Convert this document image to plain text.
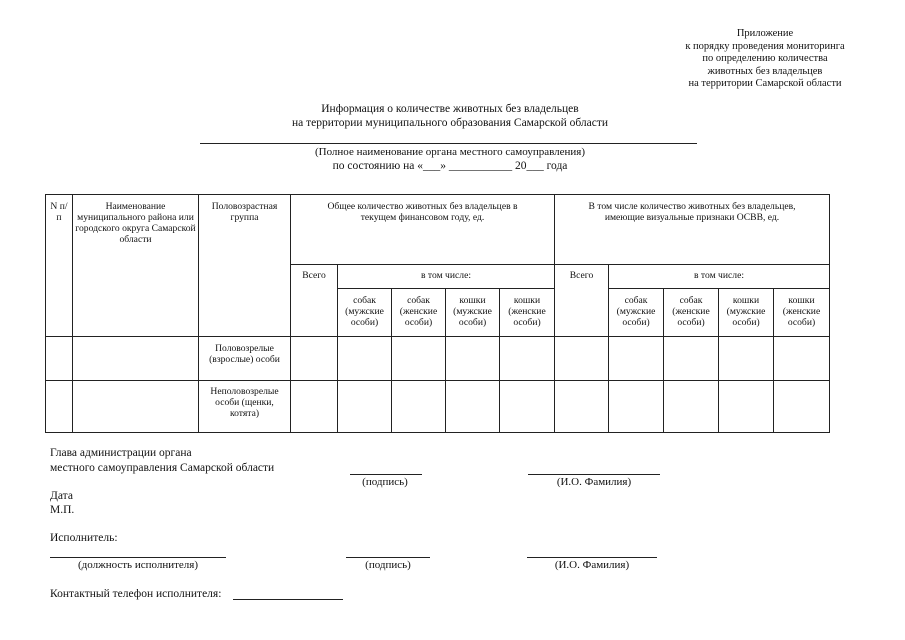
Приложение
к порядку проведения мониторинга
по определению количества
животных без владельцев
на территории Самарской области
Информация о количестве животных без владельцев
на территории муниципального образования Самарской области
(Полное наименование органа местного самоуправления)
по состоянию на «___» ___________ 20___ года
N п/п	Наименование муниципального района или городского округа Самарской области	Половозрастная группа	Общее количество животных без владельцев в текущем финансовом году, ед.					В том числе количество животных без владельцев, имеющие визуальные признаки ОСВВ, ед.				
			Всего	в том числе:				Всего	в том числе:			
				собак (мужские особи)	собак (женские особи)	кошки (мужские особи)	кошки (женские особи)		собак (мужские особи)	собак (женские особи)	кошки (мужские особи)	кошки (женские особи)
		Половозрелые (взрослые) особи										
		Неполовозрелые особи (щенки, котята)										
Глава администрации органа
местного самоуправления Самарской области
(подпись)	(И.О. Фамилия)
Дата
М.П.
Исполнитель:
(должность исполнителя)	(подпись)	(И.О. Фамилия)
Контактный телефон исполнителя:
